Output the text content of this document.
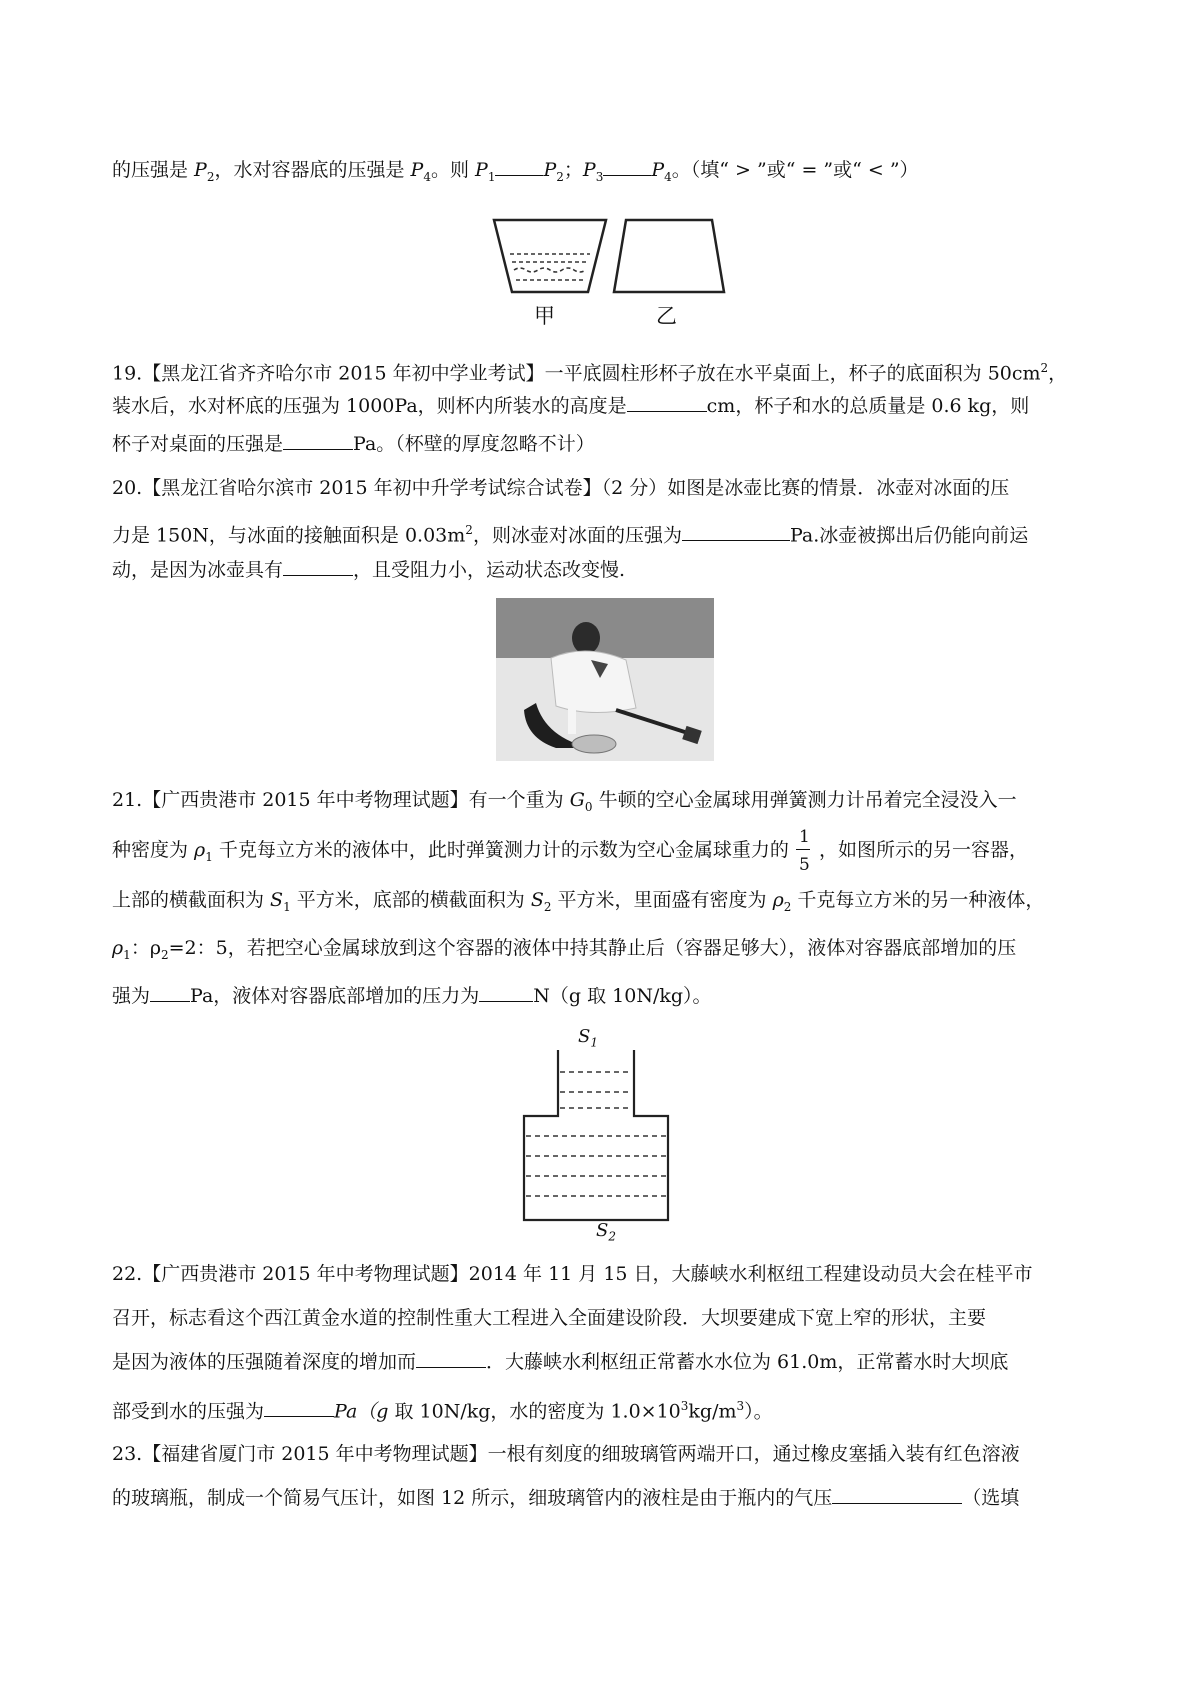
的压强是 $P_2$，水对容器底的压强是 $P_4$。则 $P_1$	$P_2$；$P_3$	$P_4$。（填“ > ”或“ = ”或“ < ”）
甲	乙
19.【黑龙江省齐齐哈尔市 2015 年初中学业考试】一平底圆柱形杯子放在水平桌面上，杯子的底面积为 $50cm^2$，
装水后，水对杯底的压强为 1000Pa，则杯内所装水的高度是	cm，杯子和水的总质量是 0.6 kg，则
杯子对桌面的压强是	Pa。（杯壁的厚度忽略不计）
20.【黑龙江省哈尔滨市 2015 年初中升学考试综合试卷】（2 分）如图是冰壶比赛的情景．冰壶对冰面的压
力是 150N，与冰面的接触面积是 $0.03m^2$，则冰壶对冰面的压强为	Pa.冰壶被掷出后仍能向前运
动，是因为冰壶具有	，且受阻力小，运动状态改变慢.
21.【广西贵港市 2015 年中考物理试题】有一个重为 $G_0$ 牛顿的空心金属球用弹簧测力计吊着完全浸没入一
种密度为 $\rho_1$ 千克每立方米的液体中，此时弹簧测力计的示数为空心金属球重力的 $\frac{1}{5}$ ，如图所示的另一容器，
上部的横截面积为 $S_1$ 平方米，底部的横截面积为 $S_2$ 平方米，里面盛有密度为 $\rho_2$ 千克每立方米的另一种液体，
$\rho_1$：$\rho_2=2$：5，若把空心金属球放到这个容器的液体中持其静止后（容器足够大），液体对容器底部增加的压
强为 Pa，液体对容器底部增加的压力为	N（g 取 10N/kg）。
$S_1$
$S_2$
22.【广西贵港市 2015 年中考物理试题】2014 年 11 月 15 日，大藤峡水利枢纽工程建设动员大会在桂平市
召开，标志看这个西江黄金水道的控制性重大工程进入全面建设阶段．大坝要建成下宽上窄的形状，主要
是因为液体的压强随着深度的增加而	．大藤峡水利枢纽正常蓄水水位为 61.0m，正常蓄水时大坝底
部受到水的压强为	Pa（g 取 10N/kg，水的密度为 $1.0\times 10^3kg/m^3$）。
23.【福建省厦门市 2015 年中考物理试题】一根有刻度的细玻璃管两端开口，通过橡皮塞插入装有红色溶液
的玻璃瓶，制成一个简易气压计，如图 12 所示，细玻璃管内的液柱是由于瓶内的气压	（选填
